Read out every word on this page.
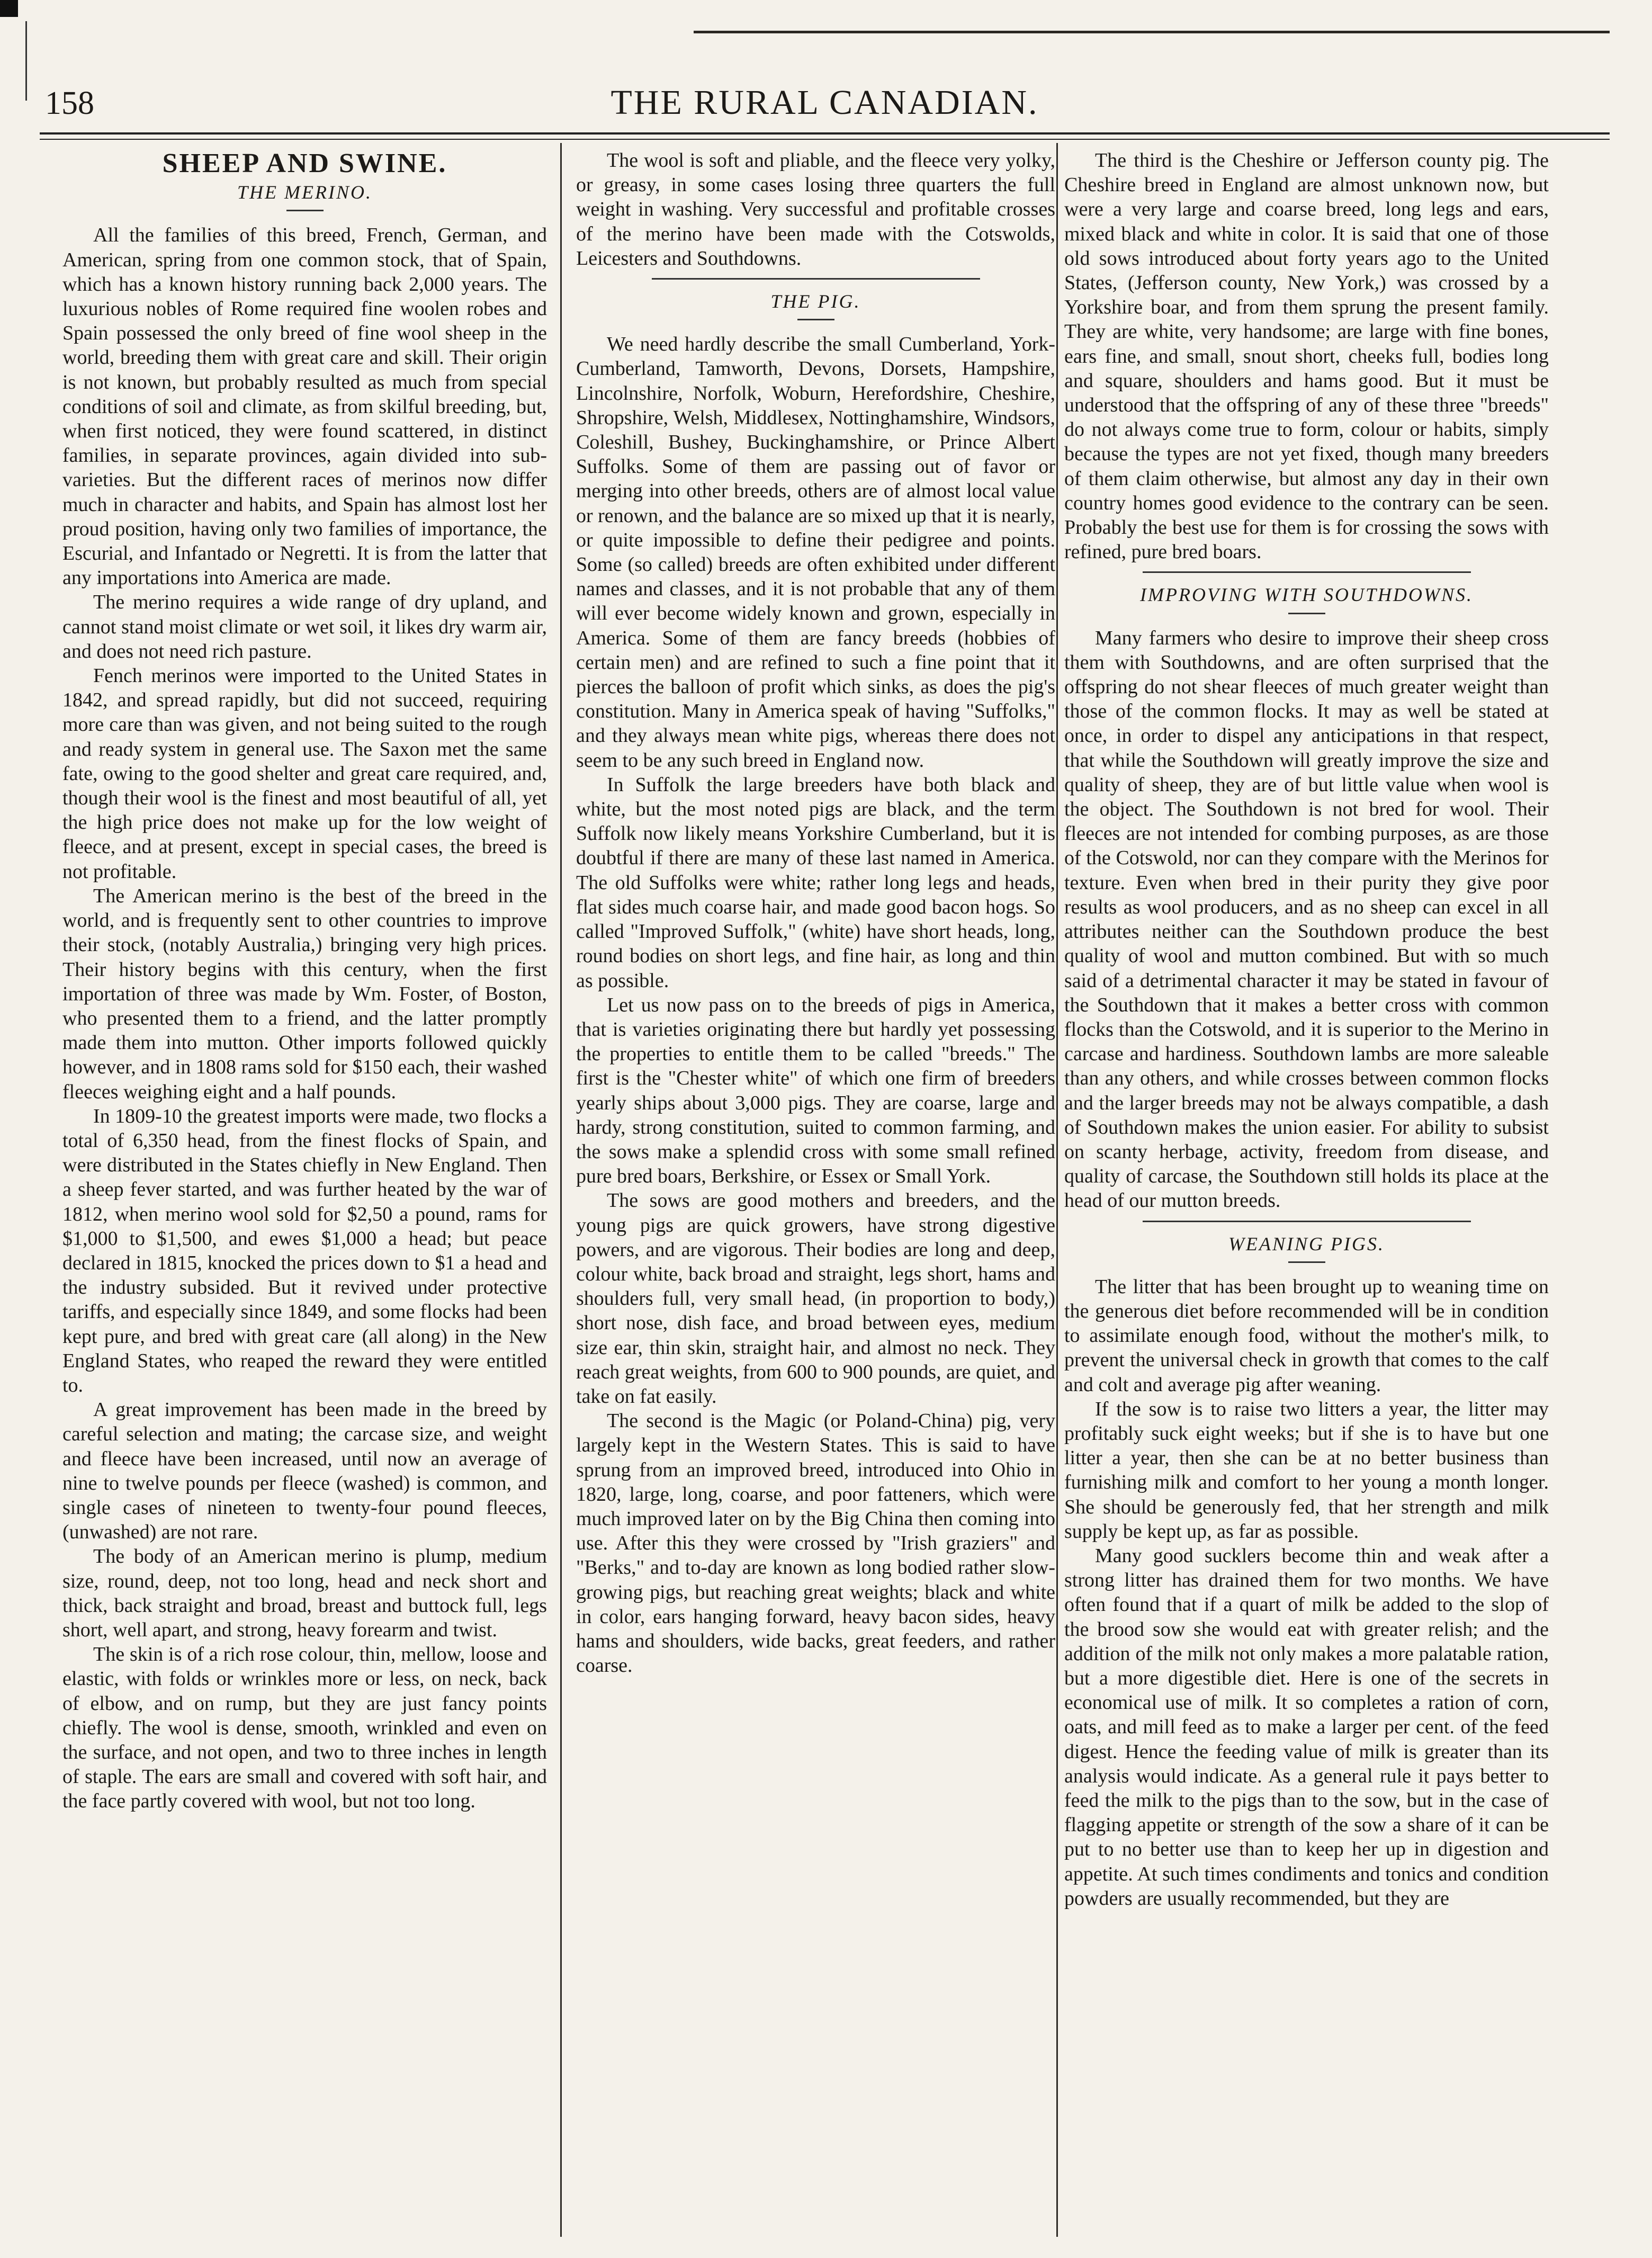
158	THE RURAL CANADIAN.
SHEEP AND SWINE.
THE MERINO.

All the families of this breed, French, German, and American, spring from one common stock, that of Spain, which has a known history running back 2,000 years. The luxurious nobles of Rome required fine woolen robes and Spain possessed the only breed of fine wool sheep in the world, breeding them with great care and skill. Their origin is not known, but probably resulted as much from special conditions of soil and climate, as from skilful breeding, but, when first noticed, they were found scattered, in distinct families, in separate provinces, again divided into sub-varieties. But the different races of merinos now differ much in character and habits, and Spain has almost lost her proud position, having only two families of importance, the Escurial, and Infantado or Negretti. It is from the latter that any importations into America are made.

The merino requires a wide range of dry upland, and cannot stand moist climate or wet soil, it likes dry warm air, and does not need rich pasture.

Fench merinos were imported to the United States in 1842, and spread rapidly, but did not succeed, requiring more care than was given, and not being suited to the rough and ready system in general use. The Saxon met the same fate, owing to the good shelter and great care required, and, though their wool is the finest and most beautiful of all, yet the high price does not make up for the low weight of fleece, and at present, except in special cases, the breed is not profitable.

The American merino is the best of the breed in the world, and is frequently sent to other countries to improve their stock, (notably Australia,) bringing very high prices. Their history begins with this century, when the first importation of three was made by Wm. Foster, of Boston, who presented them to a friend, and the latter promptly made them into mutton. Other imports followed quickly however, and in 1808 rams sold for $150 each, their washed fleeces weighing eight and a half pounds.

In 1809-10 the greatest imports were made, two flocks a total of 6,350 head, from the finest flocks of Spain, and were distributed in the States chiefly in New England. Then a sheep fever started, and was further heated by the war of 1812, when merino wool sold for $2,50 a pound, rams for $1,000 to $1,500, and ewes $1,000 a head; but peace declared in 1815, knocked the prices down to $1 a head and the industry subsided. But it revived under protective tariffs, and especially since 1849, and some flocks had been kept pure, and bred with great care (all along) in the New England States, who reaped the reward they were entitled to.

A great improvement has been made in the breed by careful selection and mating; the carcase size, and weight and fleece have been increased, until now an average of nine to twelve pounds per fleece (washed) is common, and single cases of nineteen to twenty-four pound fleeces, (unwashed) are not rare.

The body of an American merino is plump, medium size, round, deep, not too long, head and neck short and thick, back straight and broad, breast and buttock full, legs short, well apart, and strong, heavy forearm and twist.

The skin is of a rich rose colour, thin, mellow, loose and elastic, with folds or wrinkles more or less, on neck, back of elbow, and on rump, but they are just fancy points chiefly. The wool is dense, smooth, wrinkled and even on the surface, and not open, and two to three inches in length of staple. The ears are small and covered with soft hair, and the face partly covered with wool, but not too long.

The wool is soft and pliable, and the fleece very yolky, or greasy, in some cases losing three quarters the full weight in washing. Very successful and profitable crosses of the merino have been made with the Cotswolds, Leicesters and Southdowns.

THE PIG.

We need hardly describe the small Cumberland, York-Cumberland, Tamworth, Devons, Dorsets, Hampshire, Lincolnshire, Norfolk, Woburn, Herefordshire, Cheshire, Shropshire, Welsh, Middlesex, Nottinghamshire, Windsors, Coleshill, Bushey, Buckinghamshire, or Prince Albert Suffolks. Some of them are passing out of favor or merging into other breeds, others are of almost local value or renown, and the balance are so mixed up that it is nearly, or quite impossible to define their pedigree and points. Some (so called) breeds are often exhibited under different names and classes, and it is not probable that any of them will ever become widely known and grown, especially in America. Some of them are fancy breeds (hobbies of certain men) and are refined to such a fine point that it pierces the balloon of profit which sinks, as does the pig's constitution. Many in America speak of having "Suffolks," and they always mean white pigs, whereas there does not seem to be any such breed in England now.

In Suffolk the large breeders have both black and white, but the most noted pigs are black, and the term Suffolk now likely means Yorkshire Cumberland, but it is doubtful if there are many of these last named in America. The old Suffolks were white; rather long legs and heads, flat sides much coarse hair, and made good bacon hogs. So called "Improved Suffolk," (white) have short heads, long, round bodies on short legs, and fine hair, as long and thin as possible.

Let us now pass on to the breeds of pigs in America, that is varieties originating there but hardly yet possessing the properties to entitle them to be called "breeds." The first is the "Chester white" of which one firm of breeders yearly ships about 3,000 pigs. They are coarse, large and hardy, strong constitution, suited to common farming, and the sows make a splendid cross with some small refined pure bred boars, Berkshire, or Essex or Small York.

The sows are good mothers and breeders, and the young pigs are quick growers, have strong digestive powers, and are vigorous. Their bodies are long and deep, colour white, back broad and straight, legs short, hams and shoulders full, very small head, (in proportion to body,) short nose, dish face, and broad between eyes, medium size ear, thin skin, straight hair, and almost no neck. They reach great weights, from 600 to 900 pounds, are quiet, and take on fat easily.

The second is the Magic (or Poland-China) pig, very largely kept in the Western States. This is said to have sprung from an improved breed, introduced into Ohio in 1820, large, long, coarse, and poor fatteners, which were much improved later on by the Big China then coming into use. After this they were crossed by "Irish graziers" and "Berks," and to-day are known as long bodied rather slow-growing pigs, but reaching great weights; black and white in color, ears hanging forward, heavy bacon sides, heavy hams and shoulders, wide backs, great feeders, and rather coarse.

The third is the Cheshire or Jefferson county pig. The Cheshire breed in England are almost unknown now, but were a very large and coarse breed, long legs and ears, mixed black and white in color. It is said that one of those old sows introduced about forty years ago to the United States, (Jefferson county, New York,) was crossed by a Yorkshire boar, and from them sprung the present family. They are white, very handsome; are large with fine bones, ears fine, and small, snout short, cheeks full, bodies long and square, shoulders and hams good. But it must be understood that the offspring of any of these three "breeds" do not always come true to form, colour or habits, simply because the types are not yet fixed, though many breeders of them claim otherwise, but almost any day in their own country homes good evidence to the contrary can be seen. Probably the best use for them is for crossing the sows with refined, pure bred boars.

IMPROVING WITH SOUTHDOWNS.

Many farmers who desire to improve their sheep cross them with Southdowns, and are often surprised that the offspring do not shear fleeces of much greater weight than those of the common flocks. It may as well be stated at once, in order to dispel any anticipations in that respect, that while the Southdown will greatly improve the size and quality of sheep, they are of but little value when wool is the object. The Southdown is not bred for wool. Their fleeces are not intended for combing purposes, as are those of the Cotswold, nor can they compare with the Merinos for texture. Even when bred in their purity they give poor results as wool producers, and as no sheep can excel in all attributes neither can the Southdown produce the best quality of wool and mutton combined. But with so much said of a detrimental character it may be stated in favour of the Southdown that it makes a better cross with common flocks than the Cotswold, and it is superior to the Merino in carcase and hardiness. Southdown lambs are more saleable than any others, and while crosses between common flocks and the larger breeds may not be always compatible, a dash of Southdown makes the union easier. For ability to subsist on scanty herbage, activity, freedom from disease, and quality of carcase, the Southdown still holds its place at the head of our mutton breeds.

WEANING PIGS.

The litter that has been brought up to weaning time on the generous diet before recommended will be in condition to assimilate enough food, without the mother's milk, to prevent the universal check in growth that comes to the calf and colt and average pig after weaning.

If the sow is to raise two litters a year, the litter may profitably suck eight weeks; but if she is to have but one litter a year, then she can be at no better business than furnishing milk and comfort to her young a month longer. She should be generously fed, that her strength and milk supply be kept up, as far as possible.

Many good sucklers become thin and weak after a strong litter has drained them for two months. We have often found that if a quart of milk be added to the slop of the brood sow she would eat with greater relish; and the addition of the milk not only makes a more palatable ration, but a more digestible diet. Here is one of the secrets in economical use of milk. It so completes a ration of corn, oats, and mill feed as to make a larger per cent. of the feed digest. Hence the feeding value of milk is greater than its analysis would indicate. As a general rule it pays better to feed the milk to the pigs than to the sow, but in the case of flagging appetite or strength of the sow a share of it can be put to no better use than to keep her up in digestion and appetite. At such times condiments and tonics and condition powders are usually recommended, but they are
